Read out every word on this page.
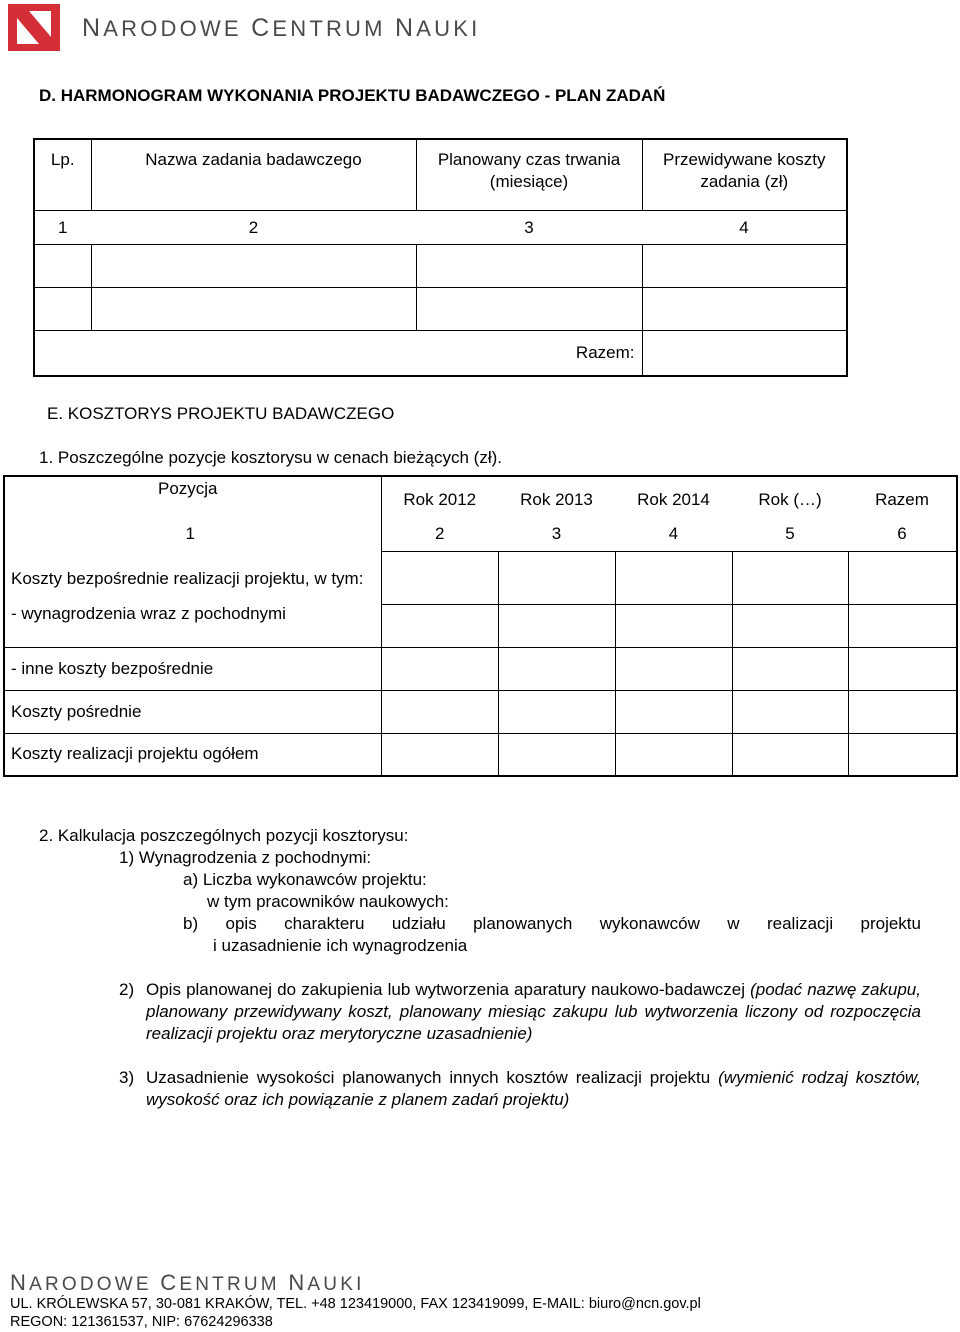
NARODOWE CENTRUM NAUKI
D. HARMONOGRAM WYKONANIA PROJEKTU BADAWCZEGO - PLAN ZADAŃ
Lp.	Nazwa zadania badawczego	Planowany czas trwania (miesiące)	Przewidywane koszty zadania (zł)
1	2	3	4

Razem:			
E. KOSZTORYS PROJEKTU BADAWCZEGO
1. Poszczególne pozycje kosztorysu w cenach bieżących (zł).
Pozycja	Rok 2012	Rok 2013	Rok 2014	Rok (…)	Razem
1	2	3	4	5	6
Koszty bezpośrednie realizacji projektu, w tym:					
- wynagrodzenia wraz z pochodnymi					
- inne koszty bezpośrednie					
Koszty pośrednie					
Koszty realizacji projektu ogółem					
2. Kalkulacja poszczególnych pozycji kosztorysu:
1) Wynagrodzenia z pochodnymi:
a) Liczba wykonawców projektu:
w tym pracowników naukowych:
b) opis charakteru udziału planowanych wykonawców w realizacji projektu
i uzasadnienie ich wynagrodzenia
2) Opis planowanej do zakupienia lub wytworzenia aparatury naukowo-badawczej (podać nazwę zakupu, planowany przewidywany koszt, planowany miesiąc zakupu lub wytworzenia liczony od rozpoczęcia realizacji projektu oraz merytoryczne uzasadnienie)
3) Uzasadnienie wysokości planowanych innych kosztów realizacji projektu (wymienić rodzaj kosztów, wysokość oraz ich powiązanie z planem zadań projektu)
NARODOWE CENTRUM NAUKI
UL. KRÓLEWSKA 57, 30-081 KRAKÓW, TEL. +48 123419000, FAX 123419099, E-MAIL: biuro@ncn.gov.pl
REGON: 121361537, NIP: 67624296338
